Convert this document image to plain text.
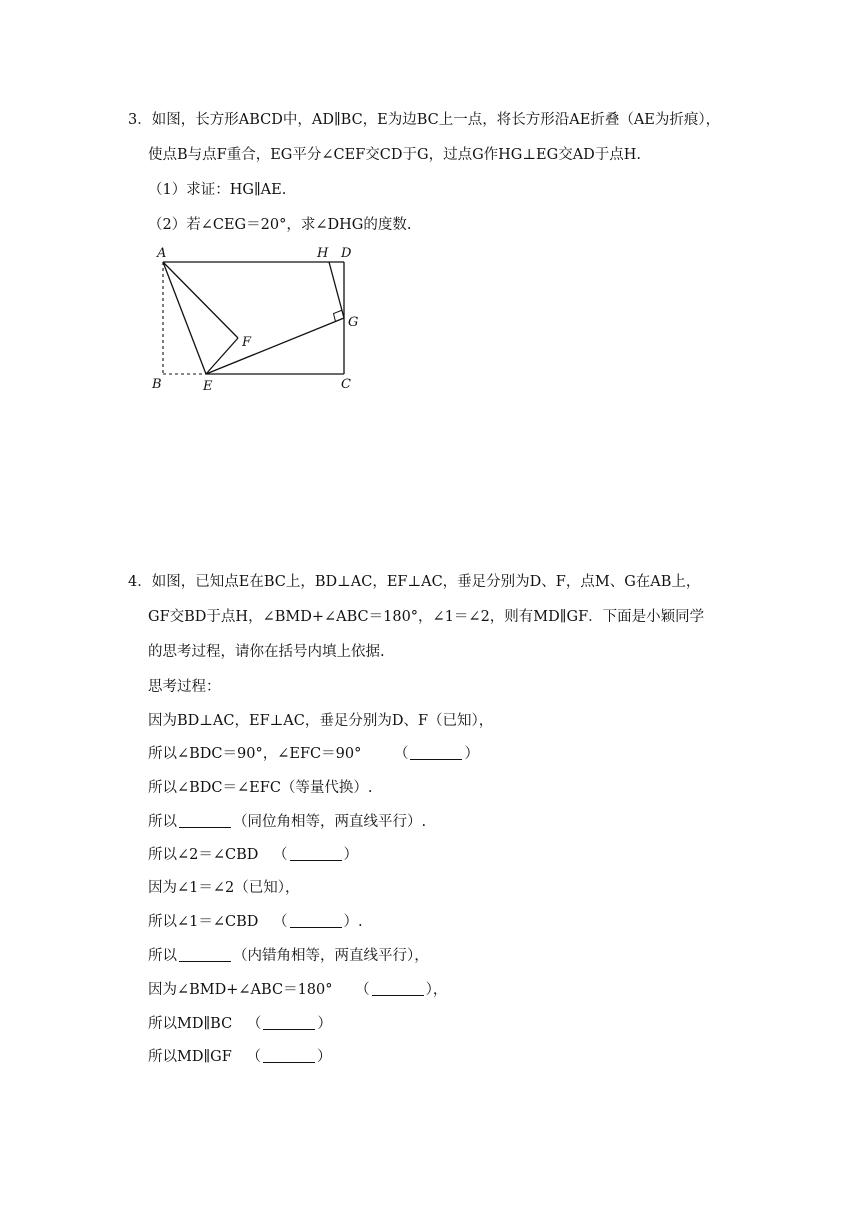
3．如图，长方形ABCD中，AD∥BC，E为边BC上一点，将长方形沿AE折叠（AE为折痕），
使点B与点F重合，EG平分∠CEF交CD于G，过点G作HG⊥EG交AD于点H.
（1）求证：HG∥AE.
（2）若∠CEG＝20°，求∠DHG的度数.
A	H D
F
G
B	E	C
4．如图，已知点E在BC上，BD⊥AC，EF⊥AC，垂足分别为D、F，点M、G在AB上，
GF交BD于点H，∠BMD+∠ABC＝180°，∠1＝∠2，则有MD∥GF．下面是小颖同学
的思考过程，请你在括号内填上依据.
思考过程：
因为BD⊥AC，EF⊥AC，垂足分别为D、F（已知），
所以∠BDC＝90°，∠EFC＝90° （	）
所以∠BDC＝∠EFC（等量代换）.
所以	（同位角相等，两直线平行）.
所以∠2＝∠CBD （	）
因为∠1＝∠2（已知），
所以∠1＝∠CBD （	）.
所以	（内错角相等，两直线平行），
因为∠BMD+∠ABC＝180° （	），
所以MD∥BC （	）
所以MD∥GF （	）
